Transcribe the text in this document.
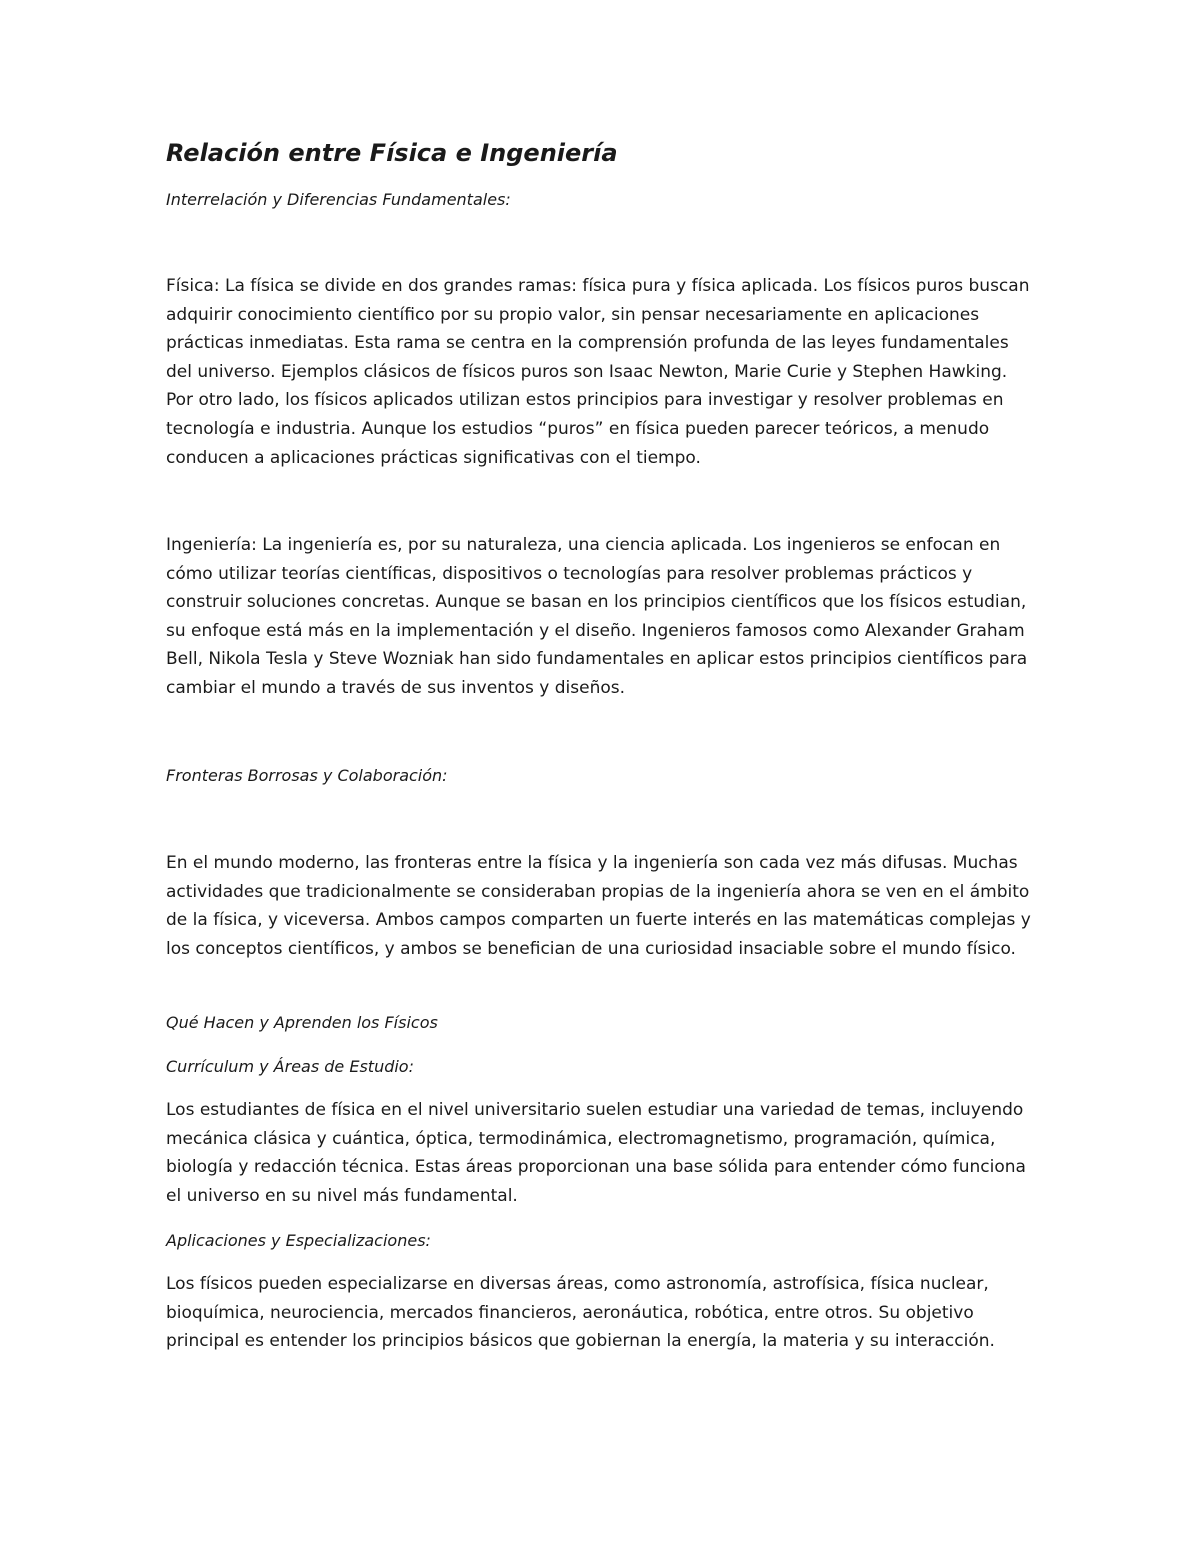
Relación entre Física e Ingeniería

Interrelación y Diferencias Fundamentales:

Física: La física se divide en dos grandes ramas: física pura y física aplicada. Los físicos puros buscan adquirir conocimiento científico por su propio valor, sin pensar necesariamente en aplicaciones prácticas inmediatas. Esta rama se centra en la comprensión profunda de las leyes fundamentales del universo. Ejemplos clásicos de físicos puros son Isaac Newton, Marie Curie y Stephen Hawking. Por otro lado, los físicos aplicados utilizan estos principios para investigar y resolver problemas en tecnología e industria. Aunque los estudios “puros” en física pueden parecer teóricos, a menudo conducen a aplicaciones prácticas significativas con el tiempo.

Ingeniería: La ingeniería es, por su naturaleza, una ciencia aplicada. Los ingenieros se enfocan en cómo utilizar teorías científicas, dispositivos o tecnologías para resolver problemas prácticos y construir soluciones concretas. Aunque se basan en los principios científicos que los físicos estudian, su enfoque está más en la implementación y el diseño. Ingenieros famosos como Alexander Graham Bell, Nikola Tesla y Steve Wozniak han sido fundamentales en aplicar estos principios científicos para cambiar el mundo a través de sus inventos y diseños.

Fronteras Borrosas y Colaboración:

En el mundo moderno, las fronteras entre la física y la ingeniería son cada vez más difusas. Muchas actividades que tradicionalmente se consideraban propias de la ingeniería ahora se ven en el ámbito de la física, y viceversa. Ambos campos comparten un fuerte interés en las matemáticas complejas y los conceptos científicos, y ambos se benefician de una curiosidad insaciable sobre el mundo físico.

Qué Hacen y Aprenden los Físicos

Currículum y Áreas de Estudio:

Los estudiantes de física en el nivel universitario suelen estudiar una variedad de temas, incluyendo mecánica clásica y cuántica, óptica, termodinámica, electromagnetismo, programación, química, biología y redacción técnica. Estas áreas proporcionan una base sólida para entender cómo funciona el universo en su nivel más fundamental.

Aplicaciones y Especializaciones:

Los físicos pueden especializarse en diversas áreas, como astronomía, astrofísica, física nuclear, bioquímica, neurociencia, mercados financieros, aeronáutica, robótica, entre otros. Su objetivo principal es entender los principios básicos que gobiernan la energía, la materia y su interacción.
